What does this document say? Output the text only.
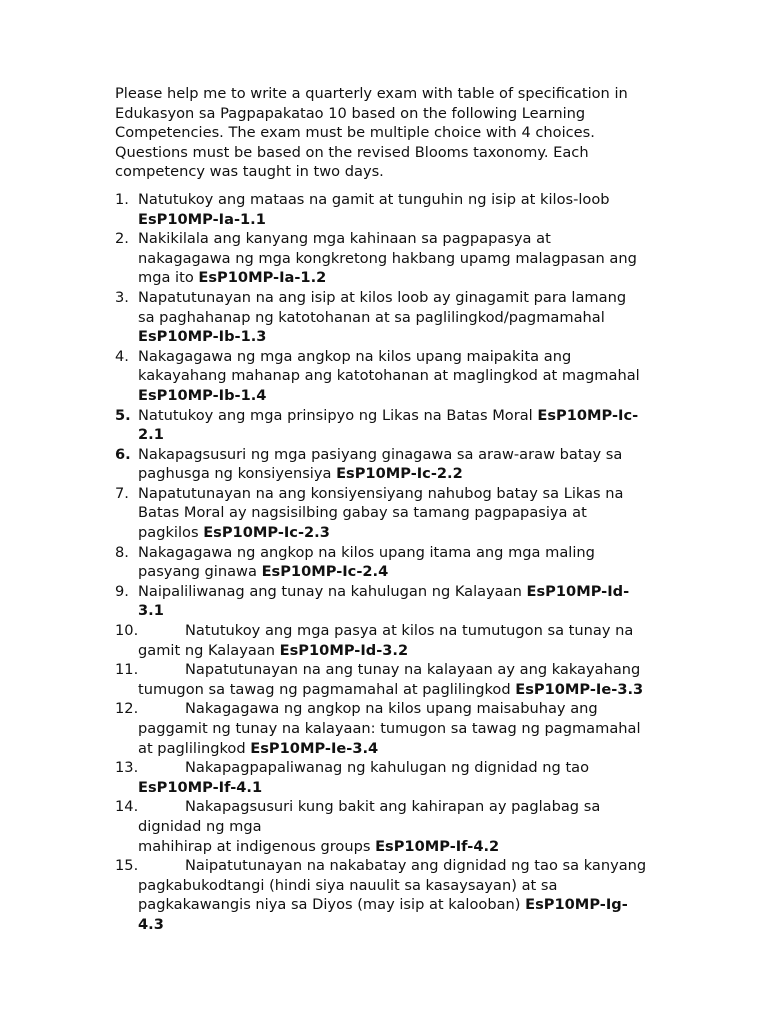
Please help me to write a quarterly exam with table of specification in
Edukasyon sa Pagpapakatao 10 based on the following Learning
Competencies. The exam must be multiple choice with 4 choices.
Questions must be based on the revised Blooms taxonomy. Each
competency was taught in two days.

1. Natutukoy ang mataas na gamit at tunguhin ng isip at kilos-loob
EsP10MP-Ia-1.1
2. Nakikilala ang kanyang mga kahinaan sa pagpapasya at
nakagagawa ng mga kongkretong hakbang upamg malagpasan ang
mga ito EsP10MP-Ia-1.2
3. Napatutunayan na ang isip at kilos loob ay ginagamit para lamang
sa paghahanap ng katotohanan at sa paglilingkod/pagmamahal
EsP10MP-Ib-1.3
4. Nakagagawa ng mga angkop na kilos upang maipakita ang
kakayahang mahanap ang katotohanan at maglingkod at magmahal
EsP10MP-Ib-1.4
5. Natutukoy ang mga prinsipyo ng Likas na Batas Moral EsP10MP-Ic-
2.1
6. Nakapagsusuri ng mga pasiyang ginagawa sa araw-araw batay sa
paghusga ng konsiyensiya EsP10MP-Ic-2.2
7. Napatutunayan na ang konsiyensiyang nahubog batay sa Likas na
Batas Moral ay nagsisilbing gabay sa tamang pagpapasiya at
pagkilos EsP10MP-Ic-2.3
8. Nakagagawa ng angkop na kilos upang itama ang mga maling
pasyang ginawa EsP10MP-Ic-2.4
9. Naipaliliwanag ang tunay na kahulugan ng Kalayaan EsP10MP-Id-
3.1
10.	Natutukoy ang mga pasya at kilos na tumutugon sa tunay na
gamit ng Kalayaan EsP10MP-Id-3.2
11.	Napatutunayan na ang tunay na kalayaan ay ang kakayahang
tumugon sa tawag ng pagmamahal at paglilingkod EsP10MP-Ie-3.3
12.	Nakagagawa ng angkop na kilos upang maisabuhay ang
paggamit ng tunay na kalayaan: tumugon sa tawag ng pagmamahal
at paglilingkod EsP10MP-Ie-3.4
13.	Nakapagpapaliwanag ng kahulugan ng dignidad ng tao
EsP10MP-If-4.1
14.	Nakapagsusuri kung bakit ang kahirapan ay paglabag sa
dignidad ng mga
mahihirap at indigenous groups EsP10MP-If-4.2
15.	Naipatutunayan na nakabatay ang dignidad ng tao sa kanyang
pagkabukodtangi (hindi siya nauulit sa kasaysayan) at sa
pagkakawangis niya sa Diyos (may isip at kalooban) EsP10MP-Ig-
4.3
